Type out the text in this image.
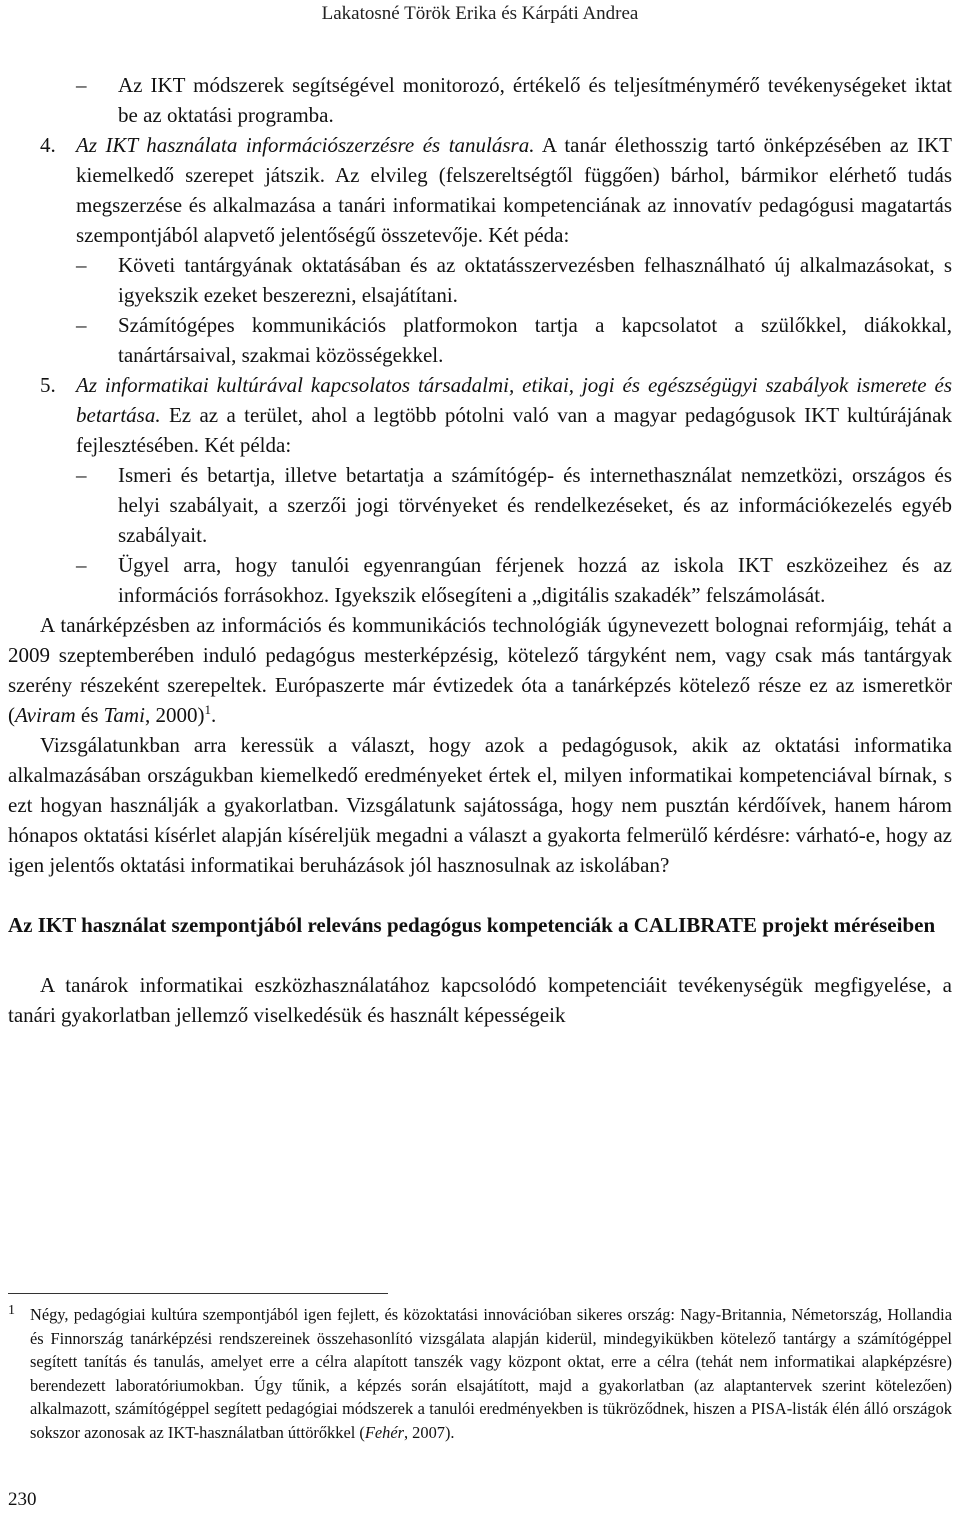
Lakatosné Török Erika és Kárpáti Andrea

– Az IKT módszerek segítségével monitorozó, értékelő és teljesítménymérő tevékenységeket iktat be az oktatási programba.

4. Az IKT használata információszerzésre és tanulásra. A tanár élethosszig tartó önképzésében az IKT kiemelkedő szerepet játszik. Az elvileg (felszereltségtől függően) bárhol, bármikor elérhető tudás megszerzése és alkalmazása a tanári informatikai kompetenciának az innovatív pedagógusi magatartás szempontjából alapvető jelentőségű összetevője. Két péda:

– Követi tantárgyának oktatásában és az oktatásszervezésben felhasználható új alkalmazásokat, s igyekszik ezeket beszerezni, elsajátítani.

– Számítógépes kommunikációs platformokon tartja a kapcsolatot a szülőkkel, diákokkal, tanártársaival, szakmai közösségekkel.

5. Az informatikai kultúrával kapcsolatos társadalmi, etikai, jogi és egészségügyi szabályok ismerete és betartása. Ez az a terület, ahol a legtöbb pótolni való van a magyar pedagógusok IKT kultúrájának fejlesztésében. Két példa:

– Ismeri és betartja, illetve betartatja a számítógép- és internethasználat nemzetközi, országos és helyi szabályait, a szerzői jogi törvényeket és rendelkezéseket, és az információkezelés egyéb szabályait.

– Ügyel arra, hogy tanulói egyenrangúan férjenek hozzá az iskola IKT eszközeihez és az információs forrásokhoz. Igyekszik elősegíteni a „digitális szakadék” felszámolását.

A tanárképzésben az információs és kommunikációs technológiák úgynevezett bolognai reformjáig, tehát a 2009 szeptemberében induló pedagógus mesterképzésig, kötelező tárgyként nem, vagy csak más tantárgyak szerény részeként szerepeltek. Európaszerte már évtizedek óta a tanárképzés kötelező része ez az ismeretkör (Aviram és Tami, 2000)$^1$.

Vizsgálatunkban arra keressük a választ, hogy azok a pedagógusok, akik az oktatási informatika alkalmazásában országukban kiemelkedő eredményeket értek el, milyen informatikai kompetenciával bírnak, s ezt hogyan használják a gyakorlatban. Vizsgálatunk sajátossága, hogy nem pusztán kérdőívek, hanem három hónapos oktatási kísérlet alapján kíséreljük megadni a választ a gyakorta felmerülő kérdésre: várható-e, hogy az igen jelentős oktatási informatikai beruházások jól hasznosulnak az iskolában?

Az IKT használat szempontjából releváns pedagógus kompetenciák a CALIBRATE projekt méréseiben

A tanárok informatikai eszközhasználatához kapcsolódó kompetenciáit tevékenységük megfigyelése, a tanári gyakorlatban jellemző viselkedésük és használt képességeik

1 Négy, pedagógiai kultúra szempontjából igen fejlett, és közoktatási innovációban sikeres ország: Nagy-Britannia, Németország, Hollandia és Finnország tanárképzési rendszereinek összehasonlító vizsgálata alapján kiderül, mindegyikükben kötelező tantárgy a számítógéppel segített tanítás és tanulás, amelyet erre a célra alapított tanszék vagy központ oktat, erre a célra (tehát nem informatikai alapképzésre) berendezett laboratóriumokban. Úgy tűnik, a képzés során elsajátított, majd a gyakorlatban (az alaptantervek szerint kötelezően) alkalmazott, számítógéppel segített pedagógiai módszerek a tanulói eredményekben is tükröződnek, hiszen a PISA-listák élén álló országok sokszor azonosak az IKT-használatban úttörőkkel (Fehér, 2007).
230
